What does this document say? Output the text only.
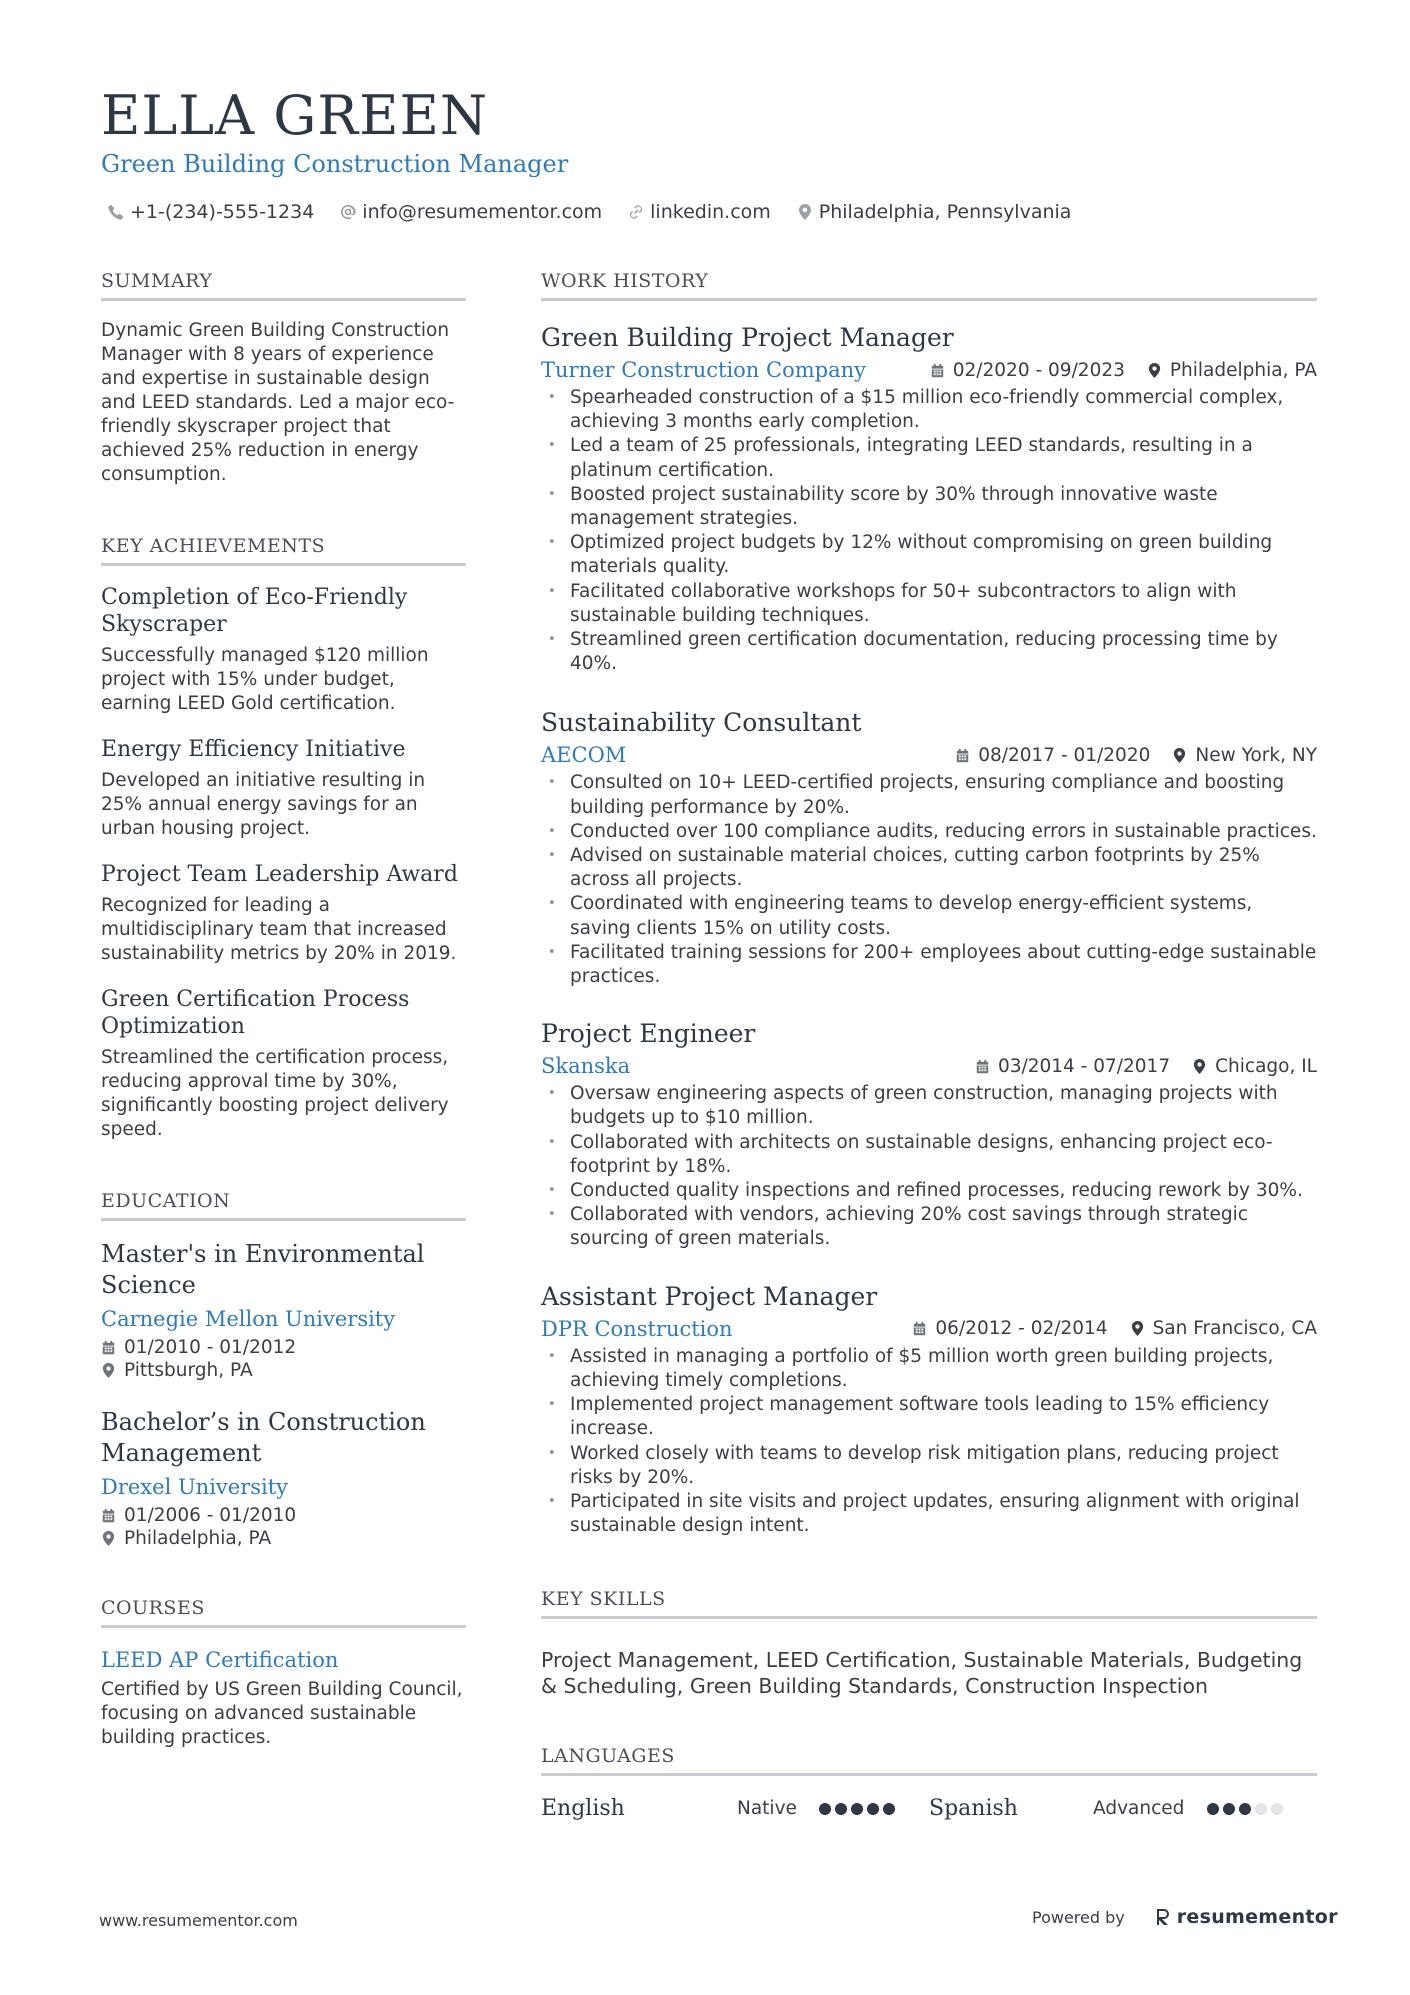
ELLA GREEN
Green Building Construction Manager
+1-(234)-555-1234	info@resumementor.com	linkedin.com	Philadelphia, Pennsylvania
SUMMARY
Dynamic Green Building Construction Manager with 8 years of experience and expertise in sustainable design and LEED standards. Led a major eco-friendly skyscraper project that achieved 25% reduction in energy consumption.
KEY ACHIEVEMENTS
Completion of Eco-Friendly Skyscraper
Successfully managed $120 million project with 15% under budget, earning LEED Gold certification.
Energy Efficiency Initiative
Developed an initiative resulting in 25% annual energy savings for an urban housing project.
Project Team Leadership Award
Recognized for leading a multidisciplinary team that increased sustainability metrics by 20% in 2019.
Green Certification Process Optimization
Streamlined the certification process, reducing approval time by 30%, significantly boosting project delivery speed.
EDUCATION
Master's in Environmental Science
Carnegie Mellon University
01/2010 - 01/2012
Pittsburgh, PA
Bachelor’s in Construction Management
Drexel University
01/2006 - 01/2010
Philadelphia, PA
COURSES
LEED AP Certification
Certified by US Green Building Council, focusing on advanced sustainable building practices.
WORK HISTORY
Green Building Project Manager
Turner Construction Company	02/2020 - 09/2023 Philadelphia, PA
• Spearheaded construction of a $15 million eco-friendly commercial complex, achieving 3 months early completion.
• Led a team of 25 professionals, integrating LEED standards, resulting in a platinum certification.
• Boosted project sustainability score by 30% through innovative waste management strategies.
• Optimized project budgets by 12% without compromising on green building materials quality.
• Facilitated collaborative workshops for 50+ subcontractors to align with sustainable building techniques.
• Streamlined green certification documentation, reducing processing time by 40%.
Sustainability Consultant
AECOM	08/2017 - 01/2020 New York, NY
• Consulted on 10+ LEED-certified projects, ensuring compliance and boosting building performance by 20%.
• Conducted over 100 compliance audits, reducing errors in sustainable practices.
• Advised on sustainable material choices, cutting carbon footprints by 25% across all projects.
• Coordinated with engineering teams to develop energy-efficient systems, saving clients 15% on utility costs.
• Facilitated training sessions for 200+ employees about cutting-edge sustainable practices.
Project Engineer
Skanska	03/2014 - 07/2017 Chicago, IL
• Oversaw engineering aspects of green construction, managing projects with budgets up to $10 million.
• Collaborated with architects on sustainable designs, enhancing project eco-footprint by 18%.
• Conducted quality inspections and refined processes, reducing rework by 30%.
• Collaborated with vendors, achieving 20% cost savings through strategic sourcing of green materials.
Assistant Project Manager
DPR Construction	06/2012 - 02/2014 San Francisco, CA
• Assisted in managing a portfolio of $5 million worth green building projects, achieving timely completions.
• Implemented project management software tools leading to 15% efficiency increase.
• Worked closely with teams to develop risk mitigation plans, reducing project risks by 20%.
• Participated in site visits and project updates, ensuring alignment with original sustainable design intent.
KEY SKILLS
Project Management, LEED Certification, Sustainable Materials, Budgeting & Scheduling, Green Building Standards, Construction Inspection
LANGUAGES
English	Native	Spanish	Advanced
www.resumementor.com	Powered by	resumementor
